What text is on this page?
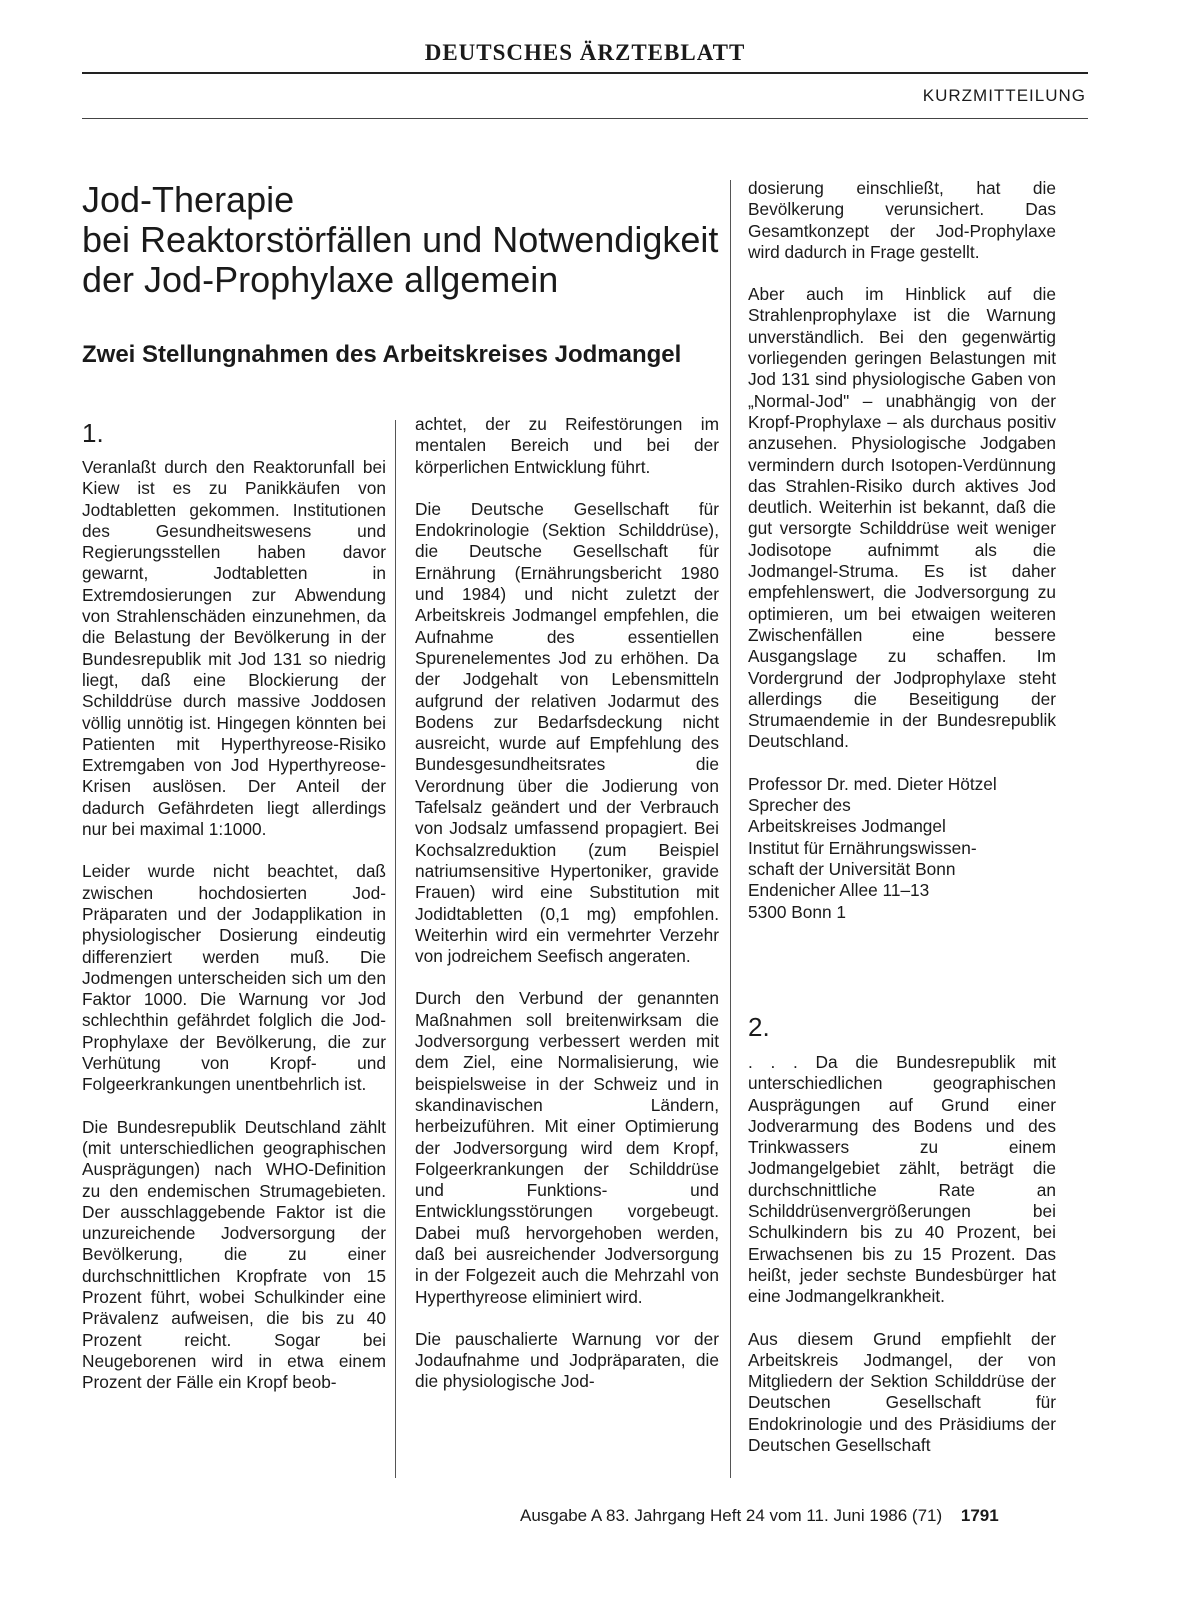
DEUTSCHES ÄRZTEBLATT
KURZMITTEILUNG
Jod-Therapie
bei Reaktorstörfällen und Notwendigkeit
der Jod-Prophylaxe allgemein
Zwei Stellungnahmen des Arbeitskreises Jodmangel
1.

Veranlaßt durch den Reaktorunfall bei Kiew ist es zu Panikkäufen von Jodtabletten gekommen. Institutionen des Gesundheitswesens und Regierungsstellen haben davor gewarnt, Jodtabletten in Extremdosierungen zur Abwendung von Strahlenschäden einzunehmen, da die Belastung der Bevölkerung in der Bundesrepublik mit Jod 131 so niedrig liegt, daß eine Blockierung der Schilddrüse durch massive Joddosen völlig unnötig ist. Hingegen könnten bei Patienten mit Hyperthyreose-Risiko Extremgaben von Jod Hyperthyreose-Krisen auslösen. Der Anteil der dadurch Gefährdeten liegt allerdings nur bei maximal 1:1000.

Leider wurde nicht beachtet, daß zwischen hochdosierten Jod-Präparaten und der Jodapplikation in physiologischer Dosierung eindeutig differenziert werden muß. Die Jodmengen unterscheiden sich um den Faktor 1000. Die Warnung vor Jod schlechthin gefährdet folglich die Jod-Prophylaxe der Bevölkerung, die zur Verhütung von Kropf- und Folgeerkrankungen unentbehrlich ist.

Die Bundesrepublik Deutschland zählt (mit unterschiedlichen geographischen Ausprägungen) nach WHO-Definition zu den endemischen Strumagebieten. Der ausschlaggebende Faktor ist die unzureichende Jodversorgung der Bevölkerung, die zu einer durchschnittlichen Kropfrate von 15 Prozent führt, wobei Schulkinder eine Prävalenz aufweisen, die bis zu 40 Prozent reicht. Sogar bei Neugeborenen wird in etwa einem Prozent der Fälle ein Kropf beob-

achtet, der zu Reifestörungen im mentalen Bereich und bei der körperlichen Entwicklung führt.

Die Deutsche Gesellschaft für Endokrinologie (Sektion Schilddrüse), die Deutsche Gesellschaft für Ernährung (Ernährungsbericht 1980 und 1984) und nicht zuletzt der Arbeitskreis Jodmangel empfehlen, die Aufnahme des essentiellen Spurenelementes Jod zu erhöhen. Da der Jodgehalt von Lebensmitteln aufgrund der relativen Jodarmut des Bodens zur Bedarfsdeckung nicht ausreicht, wurde auf Empfehlung des Bundesgesundheitsrates die Verordnung über die Jodierung von Tafelsalz geändert und der Verbrauch von Jodsalz umfassend propagiert. Bei Kochsalzreduktion (zum Beispiel natriumsensitive Hypertoniker, gravide Frauen) wird eine Substitution mit Jodidtabletten (0,1 mg) empfohlen. Weiterhin wird ein vermehrter Verzehr von jodreichem Seefisch angeraten.

Durch den Verbund der genannten Maßnahmen soll breitenwirksam die Jodversorgung verbessert werden mit dem Ziel, eine Normalisierung, wie beispielsweise in der Schweiz und in skandinavischen Ländern, herbeizuführen. Mit einer Optimierung der Jodversorgung wird dem Kropf, Folgeerkrankungen der Schilddrüse und Funktions- und Entwicklungsstörungen vorgebeugt. Dabei muß hervorgehoben werden, daß bei ausreichender Jodversorgung in der Folgezeit auch die Mehrzahl von Hyperthyreose eliminiert wird.

Die pauschalierte Warnung vor der Jodaufnahme und Jodpräparaten, die die physiologische Jod-

dosierung einschließt, hat die Bevölkerung verunsichert. Das Gesamtkonzept der Jod-Prophylaxe wird dadurch in Frage gestellt.

Aber auch im Hinblick auf die Strahlenprophylaxe ist die Warnung unverständlich. Bei den gegenwärtig vorliegenden geringen Belastungen mit Jod 131 sind physiologische Gaben von „Normal-Jod" – unabhängig von der Kropf-Prophylaxe – als durchaus positiv anzusehen. Physiologische Jodgaben vermindern durch Isotopen-Verdünnung das Strahlen-Risiko durch aktives Jod deutlich. Weiterhin ist bekannt, daß die gut versorgte Schilddrüse weit weniger Jodisotope aufnimmt als die Jodmangel-Struma. Es ist daher empfehlenswert, die Jodversorgung zu optimieren, um bei etwaigen weiteren Zwischenfällen eine bessere Ausgangslage zu schaffen. Im Vordergrund der Jodprophylaxe steht allerdings die Beseitigung der Strumaendemie in der Bundesrepublik Deutschland.

Professor Dr. med. Dieter Hötzel
Sprecher des
Arbeitskreises Jodmangel
Institut für Ernährungswissen-
schaft der Universität Bonn
Endenicher Allee 11–13
5300 Bonn 1
2.

. . . Da die Bundesrepublik mit unterschiedlichen geographischen Ausprägungen auf Grund einer Jodverarmung des Bodens und des Trinkwassers zu einem Jodmangelgebiet zählt, beträgt die durchschnittliche Rate an Schilddrüsenvergrößerungen bei Schulkindern bis zu 40 Prozent, bei Erwachsenen bis zu 15 Prozent. Das heißt, jeder sechste Bundesbürger hat eine Jodmangelkrankheit.

Aus diesem Grund empfiehlt der Arbeitskreis Jodmangel, der von Mitgliedern der Sektion Schilddrüse der Deutschen Gesellschaft für Endokrinologie und des Präsidiums der Deutschen Gesellschaft

Ausgabe A 83. Jahrgang Heft 24 vom 11. Juni 1986 (71) 1791
